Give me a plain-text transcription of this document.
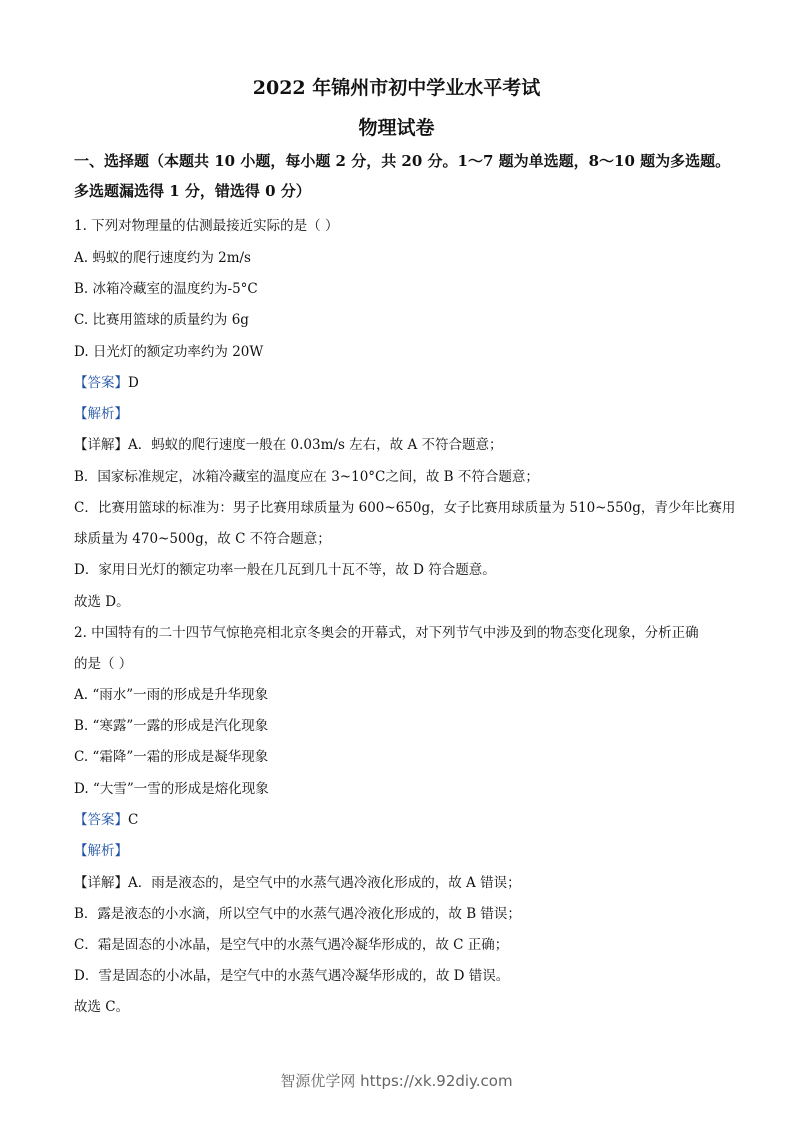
2022 年锦州市初中学业水平考试
物理试卷
一、选择题（本题共 10 小题，每小题 2 分，共 20 分。1～7 题为单选题，8～10 题为多选题。
多选题漏选得 1 分，错选得 0 分）
1. 下列对物理量的估测最接近实际的是（ ）
A. 蚂蚁的爬行速度约为 2m/s
B. 冰箱冷藏室的温度约为-5°C
C. 比赛用篮球的质量约为 6g
D. 日光灯的额定功率约为 20W
【答案】D
【解析】
【详解】A．蚂蚁的爬行速度一般在 0.03m/s 左右，故 A 不符合题意；
B．国家标准规定，冰箱冷藏室的温度应在 3~10°C之间，故 B 不符合题意；
C．比赛用篮球的标准为：男子比赛用球质量为 600~650g，女子比赛用球质量为 510~550g，青少年比赛用
球质量为 470~500g，故 C 不符合题意；
D．家用日光灯的额定功率一般在几瓦到几十瓦不等，故 D 符合题意。
故选 D。
2. 中国特有的二十四节气惊艳亮相北京冬奥会的开幕式，对下列节气中涉及到的物态变化现象，分析正确
的是（ ）
A. “雨水”一雨的形成是升华现象
B. “寒露”一露的形成是汽化现象
C. “霜降”一霜的形成是凝华现象
D. “大雪”一雪的形成是熔化现象
【答案】C
【解析】
【详解】A．雨是液态的，是空气中的水蒸气遇冷液化形成的，故 A 错误；
B．露是液态的小水滴，所以空气中的水蒸气遇冷液化形成的，故 B 错误；
C．霜是固态的小冰晶，是空气中的水蒸气遇冷凝华形成的，故 C 正确；
D．雪是固态的小冰晶，是空气中的水蒸气遇冷凝华形成的，故 D 错误。
故选 C。
智源优学网 https://xk.92diy.com
